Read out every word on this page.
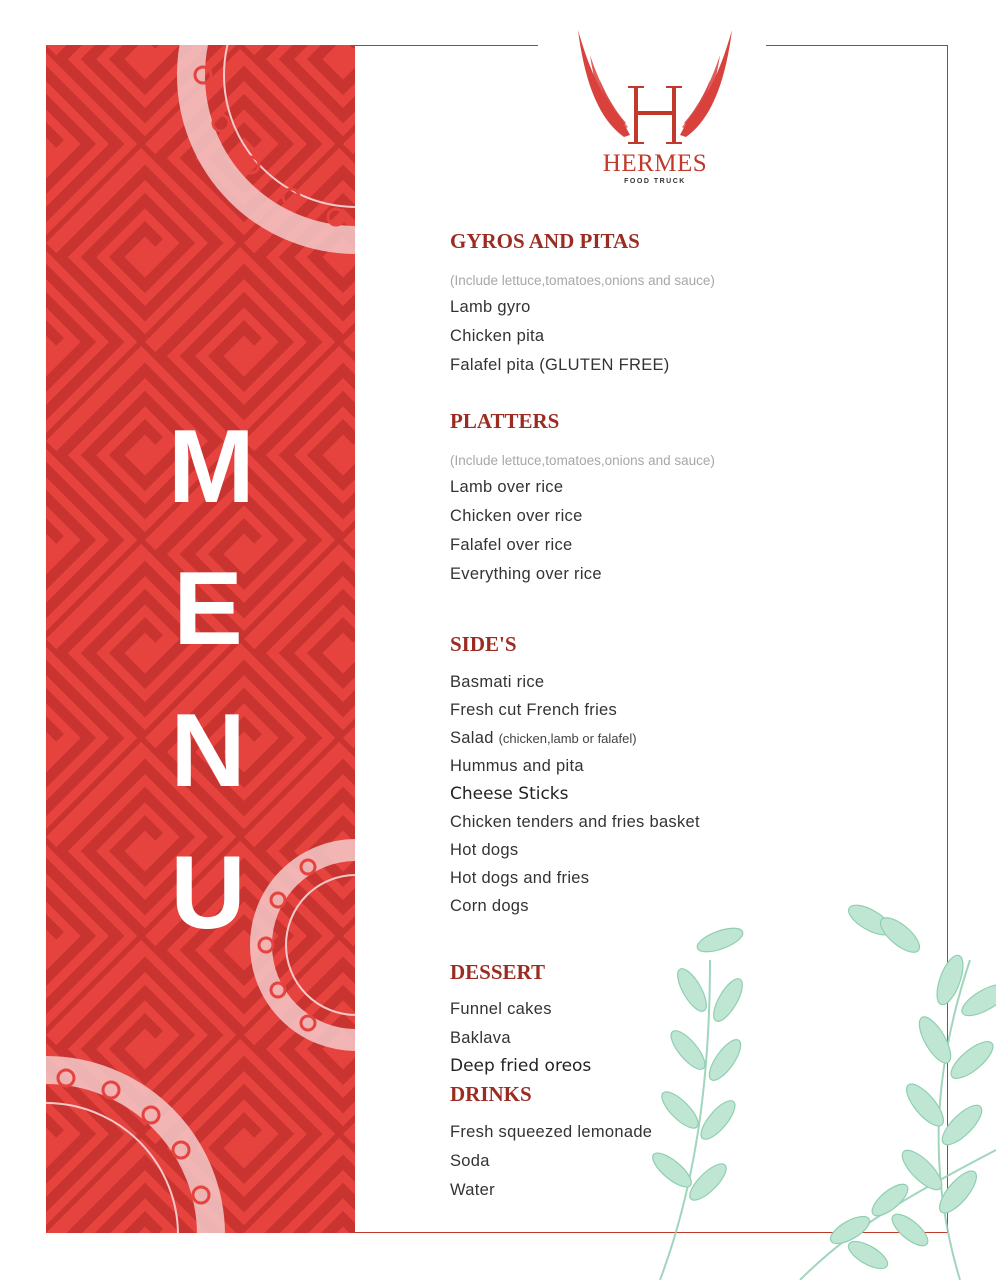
M
E
N
U
HERMES
FOOD TRUCK
GYROS AND PITAS
(Include lettuce,tomatoes,onions and sauce)
Lamb gyro
Chicken pita
Falafel pita (GLUTEN FREE)
PLATTERS
(Include lettuce,tomatoes,onions and sauce)
Lamb over rice
Chicken over rice
Falafel over rice
Everything over rice
SIDE'S
Basmati rice
Fresh cut French fries
Salad (chicken,lamb or falafel)
Hummus and pita
Cheese Sticks
Chicken tenders and fries basket
Hot dogs
Hot dogs and fries
Corn dogs
DESSERT
Funnel cakes
Baklava
Deep fried oreos
DRINKS
Fresh squeezed lemonade
Soda
Water
